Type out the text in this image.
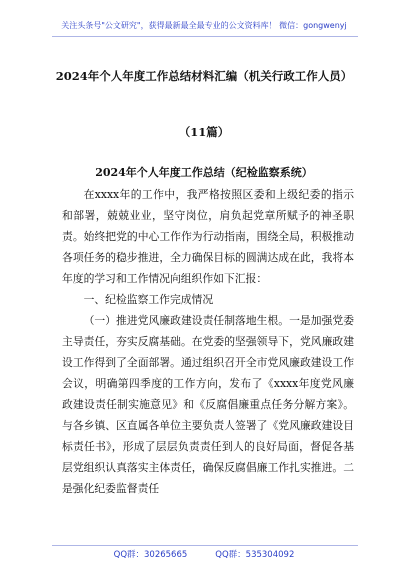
关注头条号"公文研究"，获得最新最全最专业的公文资料库！ 微信：gongwenyj
2024年个人年度工作总结材料汇编（机关行政工作人员）
（11篇）
2024年个人年度工作总结（纪检监察系统）

在xxxx年的工作中，我严格按照区委和上级纪委的指示和部署，兢兢业业，坚守岗位，肩负起党章所赋予的神圣职责。始终把党的中心工作作为行动指南，围绕全局，积极推动各项任务的稳步推进，全力确保目标的圆满达成在此，我将本年度的学习和工作情况向组织作如下汇报：

一、纪检监察工作完成情况

（一）推进党风廉政建设责任制落地生根。一是加强党委主导责任，夯实反腐基础。在党委的坚强领导下，党风廉政建设工作得到了全面部署。通过组织召开全市党风廉政建设工作会议，明确第四季度的工作方向，发布了《xxxx年度党风廉政建设责任制实施意见》和《反腐倡廉重点任务分解方案》。与各乡镇、区直属各单位主要负责人签署了《党风廉政建设目标责任书》，形成了层层负责责任到人的良好局面，督促各基层党组织认真落实主体责任，确保反腐倡廉工作扎实推进。二是强化纪委监督责任

QQ群：30265665	QQ群：535304092
